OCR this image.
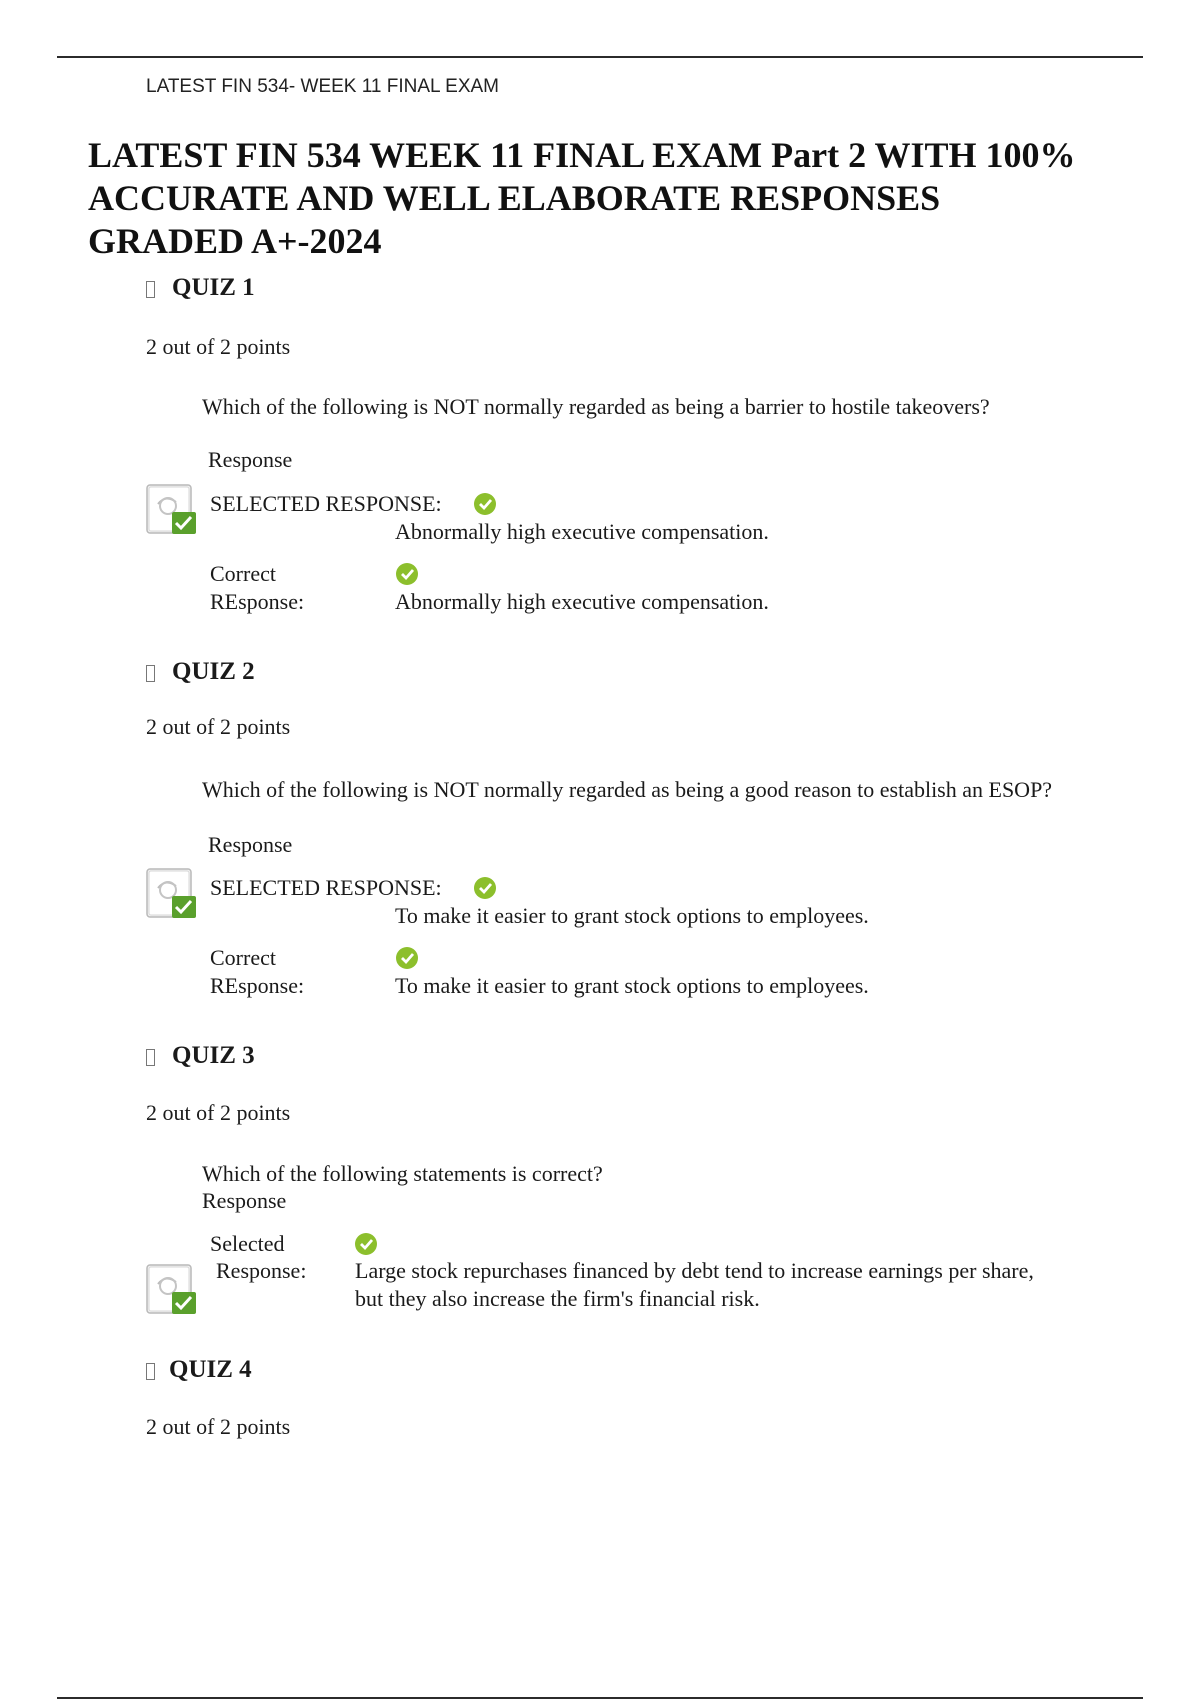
LATEST FIN 534- WEEK 11 FINAL EXAM
LATEST FIN 534 WEEK 11 FINAL EXAM Part 2 WITH 100%
ACCURATE AND WELL ELABORATE RESPONSES
GRADED A+-2024
QUIZ 1
2 out of 2 points
Which of the following is NOT normally regarded as being a barrier to hostile takeovers?
Response
SELECTED RESPONSE:
Abnormally high executive compensation.
Correct
REsponse:	Abnormally high executive compensation.
QUIZ 2
2 out of 2 points
Which of the following is NOT normally regarded as being a good reason to establish an ESOP?
Response
SELECTED RESPONSE:
To make it easier to grant stock options to employees.
Correct
REsponse:	To make it easier to grant stock options to employees.
QUIZ 3
2 out of 2 points
Which of the following statements is correct?
Response
Selected
Response: Large stock repurchases financed by debt tend to increase earnings per share, but they also increase the firm's financial risk.
QUIZ 4
2 out of 2 points
